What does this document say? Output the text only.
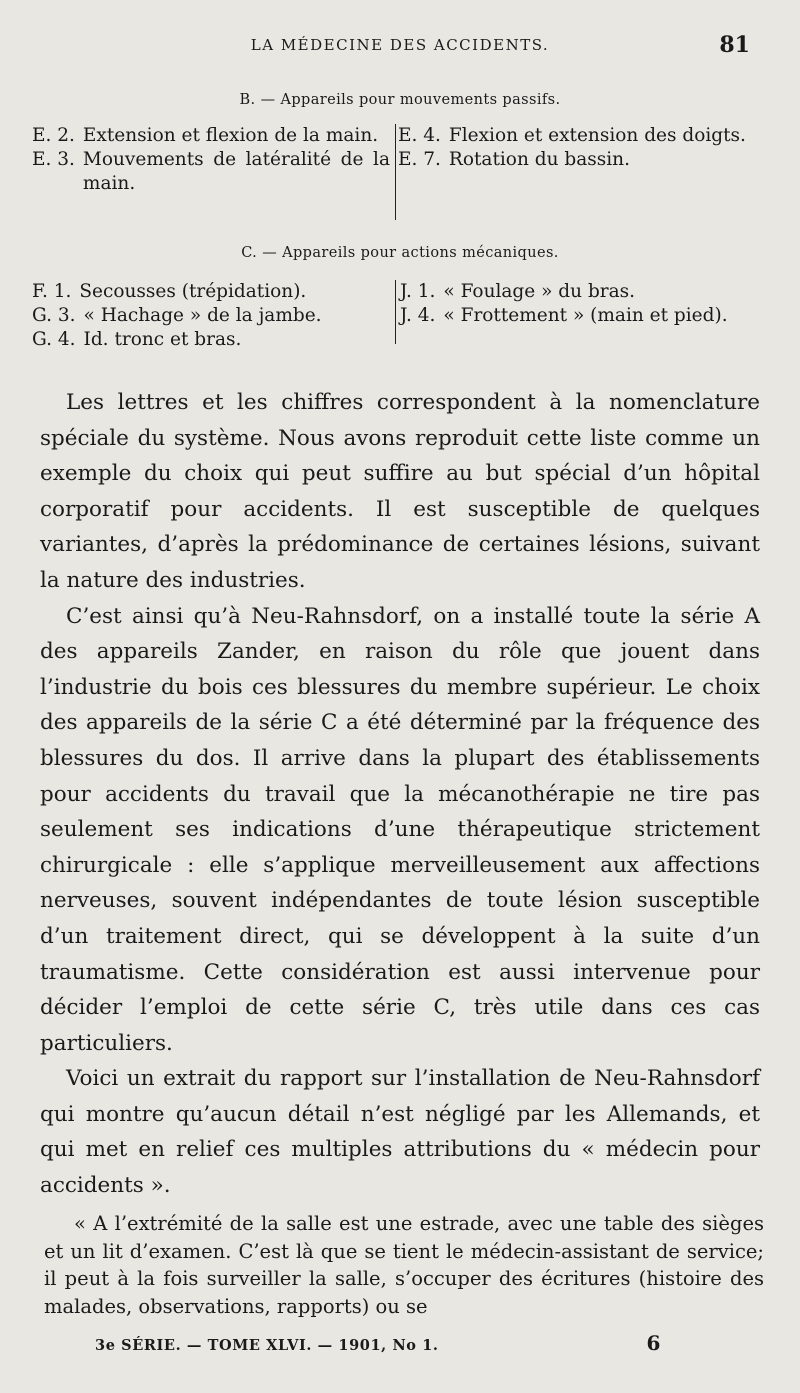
LA MÉDECINE DES ACCIDENTS.	81
B. — Appareils pour mouvements passifs.
E. 2. Extension et flexion de la main.
E. 3. Mouvements de latéralité de la main.
E. 4. Flexion et extension des doigts.
E. 7. Rotation du bassin.
C. — Appareils pour actions mécaniques.
F. 1. Secousses (trépidation).
G. 3. « Hachage » de la jambe.
G. 4. Id. tronc et bras.
J. 1. « Foulage » du bras.
J. 4. « Frottement » (main et pied).

Les lettres et les chiffres correspondent à la nomenclature spéciale du système. Nous avons reproduit cette liste comme un exemple du choix qui peut suffire au but spécial d’un hôpital corporatif pour accidents. Il est susceptible de quelques variantes, d’après la prédominance de certaines lésions, suivant la nature des industries.

C’est ainsi qu’à Neu-Rahnsdorf, on a installé toute la série A des appareils Zander, en raison du rôle que jouent dans l’industrie du bois ces blessures du membre supérieur. Le choix des appareils de la série C a été déterminé par la fréquence des blessures du dos. Il arrive dans la plupart des établissements pour accidents du travail que la mécanothérapie ne tire pas seulement ses indications d’une thérapeutique strictement chirurgicale : elle s’applique merveilleusement aux affections nerveuses, souvent indépendantes de toute lésion susceptible d’un traitement direct, qui se développent à la suite d’un traumatisme. Cette considération est aussi intervenue pour décider l’emploi de cette série C, très utile dans ces cas particuliers.

Voici un extrait du rapport sur l’installation de Neu-Rahnsdorf qui montre qu’aucun détail n’est négligé par les Allemands, et qui met en relief ces multiples attributions du « médecin pour accidents ».

« A l’extrémité de la salle est une estrade, avec une table des sièges et un lit d’examen. C’est là que se tient le médecin-assistant de service; il peut à la fois surveiller la salle, s’occuper des écritures (histoire des malades, observations, rapports) ou se

3e SÉRIE. — TOME XLVI. — 1901, No 1.	6
